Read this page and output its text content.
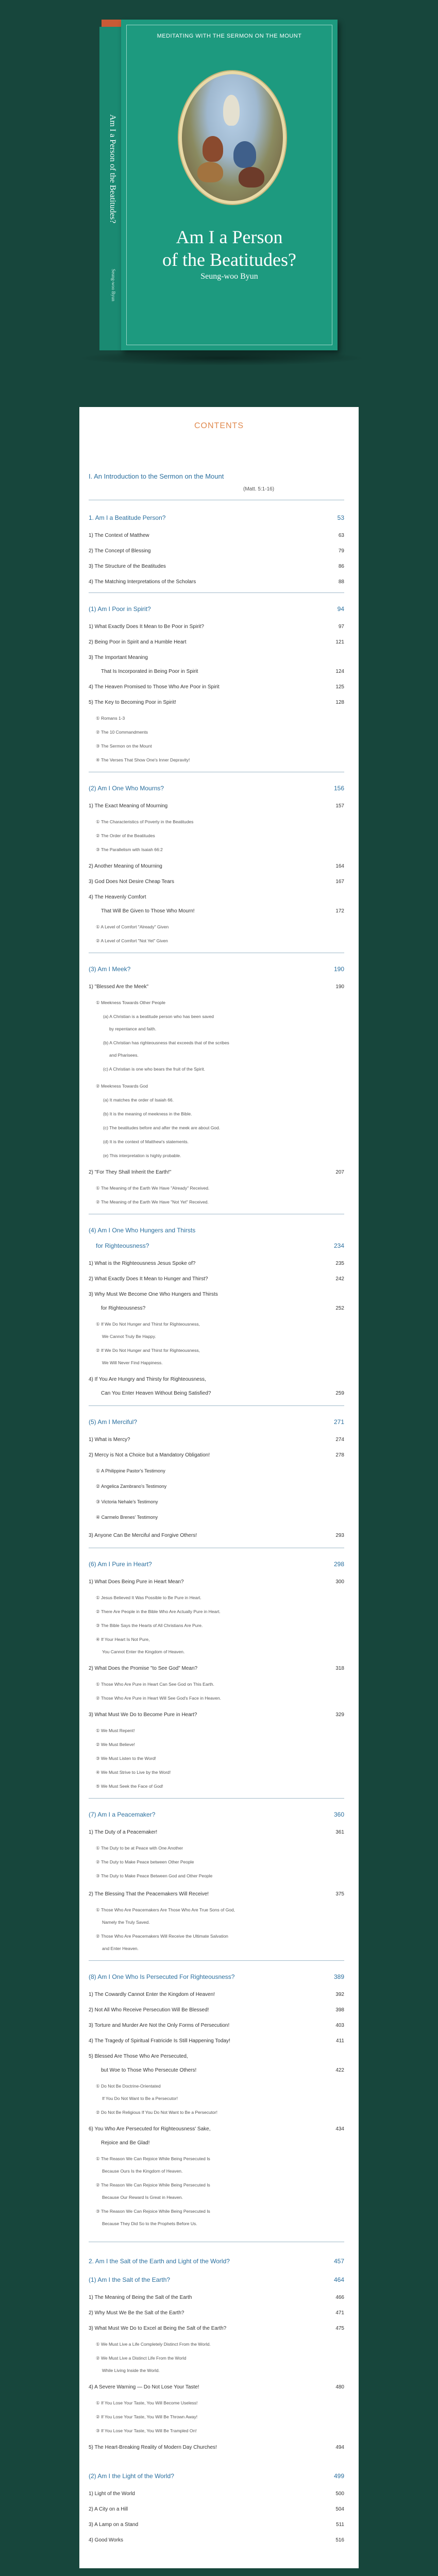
Am I a Person of the Beatitudes?
Seung-woo Byun
MEDITATING WITH THE SERMON ON THE MOUNT
Am I a Person
of the Beatitudes?
Seung-woo Byun
CONTENTS
I. An Introduction to the Sermon on the Mount
(Matt. 5:1-16)
1. Am I a Beatitude Person?	53
1) The Context of Matthew	63
2) The Concept of Blessing	79
3) The Structure of the Beatitudes	86
4) The Matching Interpretations of the Scholars	88
(1) Am I Poor in Spirit?	94
1) What Exactly Does It Mean to Be Poor in Spirit?	97
2) Being Poor in Spirit and a Humble Heart	121
3) The Important Meaning
That Is Incorporated in Being Poor in Spirit	124
4) The Heaven Promised to Those Who Are Poor in Spirit	125
5) The Key to Becoming Poor in Spirit!	128
① Romans 1-3
② The 10 Commandments
③ The Sermon on the Mount
④ The Verses That Show One's Inner Depravity!
(2) Am I One Who Mourns?	156
1) The Exact Meaning of Mourning	157
① The Characteristics of Poverty in the Beatitudes
② The Order of the Beatitudes
③ The Parallelism with Isaiah 66:2
2) Another Meaning of Mourning	164
3) God Does Not Desire Cheap Tears	167
4) The Heavenly Comfort
That Will Be Given to Those Who Mourn!	172
① A Level of Comfort "Already" Given
② A Level of Comfort "Not Yet" Given
(3) Am I Meek?	190
1) "Blessed Are the Meek"	190
① Meekness Towards Other People
(a) A Christian is a beatitude person who has been saved
by repentance and faith.
(b) A Christian has righteousness that exceeds that of the scribes
and Pharisees.
(c) A Christian is one who bears the fruit of the Spirit.
② Meekness Towards God
(a) It matches the order of Isaiah 66.
(b) It is the meaning of meekness in the Bible.
(c) The beatitudes before and after the meek are about God.
(d) It is the context of Matthew's statements.
(e) This interpretation is highly probable.
2) "For They Shall Inherit the Earth!"	207
① The Meaning of the Earth We Have "Already" Received.
② The Meaning of the Earth We Have "Not Yet" Received.
(4) Am I One Who Hungers and Thirsts
for Righteousness?	234
1) What is the Righteousness Jesus Spoke of?	235
2) What Exactly Does It Mean to Hunger and Thirst?	242
3) Why Must We Become One Who Hungers and Thirsts
for Righteousness?	252
① If We Do Not Hunger and Thirst for Righteousness,
We Cannot Truly Be Happy.
② If We Do Not Hunger and Thirst for Righteousness,
We Will Never Find Happiness.
4) If You Are Hungry and Thirsty for Righteousness,
Can You Enter Heaven Without Being Satisfied?	259
(5) Am I Merciful?	271
1) What is Mercy?	274
2) Mercy is Not a Choice but a Mandatory Obligation!	278
① A Philippine Pastor's Testimony
② Angelica Zambrano's Testimony
③ Victoria Nehale's Testimony
④ Carmelo Brenes' Testimony
3) Anyone Can Be Merciful and Forgive Others!	293
(6) Am I Pure in Heart?	298
1) What Does Being Pure in Heart Mean?	300
① Jesus Believed It Was Possible to Be Pure in Heart.
② There Are People in the Bible Who Are Actually Pure in Heart.
③ The Bible Says the Hearts of All Christians Are Pure.
④ If Your Heart Is Not Pure,
You Cannot Enter the Kingdom of Heaven.
2) What Does the Promise "to See God" Mean?	318
① Those Who Are Pure in Heart Can See God on This Earth.
② Those Who Are Pure in Heart Will See God's Face in Heaven.
3) What Must We Do to Become Pure in Heart?	329
① We Must Repent!
② We Must Believe!
③ We Must Listen to the Word!
④ We Must Strive to Live by the Word!
⑤ We Must Seek the Face of God!
(7) Am I a Peacemaker?	360
1) The Duty of a Peacemaker!	361
① The Duty to be at Peace with One Another
② The Duty to Make Peace between Other People
③ The Duty to Make Peace Between God and Other People
2) The Blessing That the Peacemakers Will Receive!	375
① Those Who Are Peacemakers Are Those Who Are True Sons of God,
Namely the Truly Saved.
② Those Who Are Peacemakers Will Receive the Ultimate Salvation
and Enter Heaven.
(8) Am I One Who Is Persecuted For Righteousness?	389
1) The Cowardly Cannot Enter the Kingdom of Heaven!	392
2) Not All Who Receive Persecution Will Be Blessed!	398
3) Torture and Murder Are Not the Only Forms of Persecution!	403
4) The Tragedy of Spiritual Fratricide Is Still Happening Today!	411
5) Blessed Are Those Who Are Persecuted,
but Woe to Those Who Persecute Others!	422
① Do Not Be Doctrine-Orientated
If You Do Not Want to Be a Persecutor!
② Do Not Be Religious If You Do Not Want to Be a Persecutor!
6) You Who Are Persecuted for Righteousness' Sake,	434
Rejoice and Be Glad!
① The Reason We Can Rejoice While Being Persecuted Is
Because Ours Is the Kingdom of Heaven.
② The Reason We Can Rejoice While Being Persecuted Is
Because Our Reward Is Great in Heaven.
③ The Reason We Can Rejoice While Being Persecuted Is
Because They Did So to the Prophets Before Us.
2. Am I the Salt of the Earth and Light of the World?	457
(1) Am I the Salt of the Earth?	464
1) The Meaning of Being the Salt of the Earth	466
2) Why Must We Be the Salt of the Earth?	471
3) What Must We Do to Excel at Being the Salt of the Earth?	475
① We Must Live a Life Completely Distinct From the World.
② We Must Live a Distinct Life From the World
While Living Inside the World.
4) A Severe Warning — Do Not Lose Your Taste!	480
① If You Lose Your Taste, You Will Become Useless!
② If You Lose Your Taste, You Will Be Thrown Away!
③ If You Lose Your Taste, You Will Be Trampled On!
5) The Heart-Breaking Reality of Modern Day Churches!	494
(2) Am I the Light of the World?	499
1) Light of the World	500
2) A City on a Hill	504
3) A Lamp on a Stand	511
4) Good Works	516
